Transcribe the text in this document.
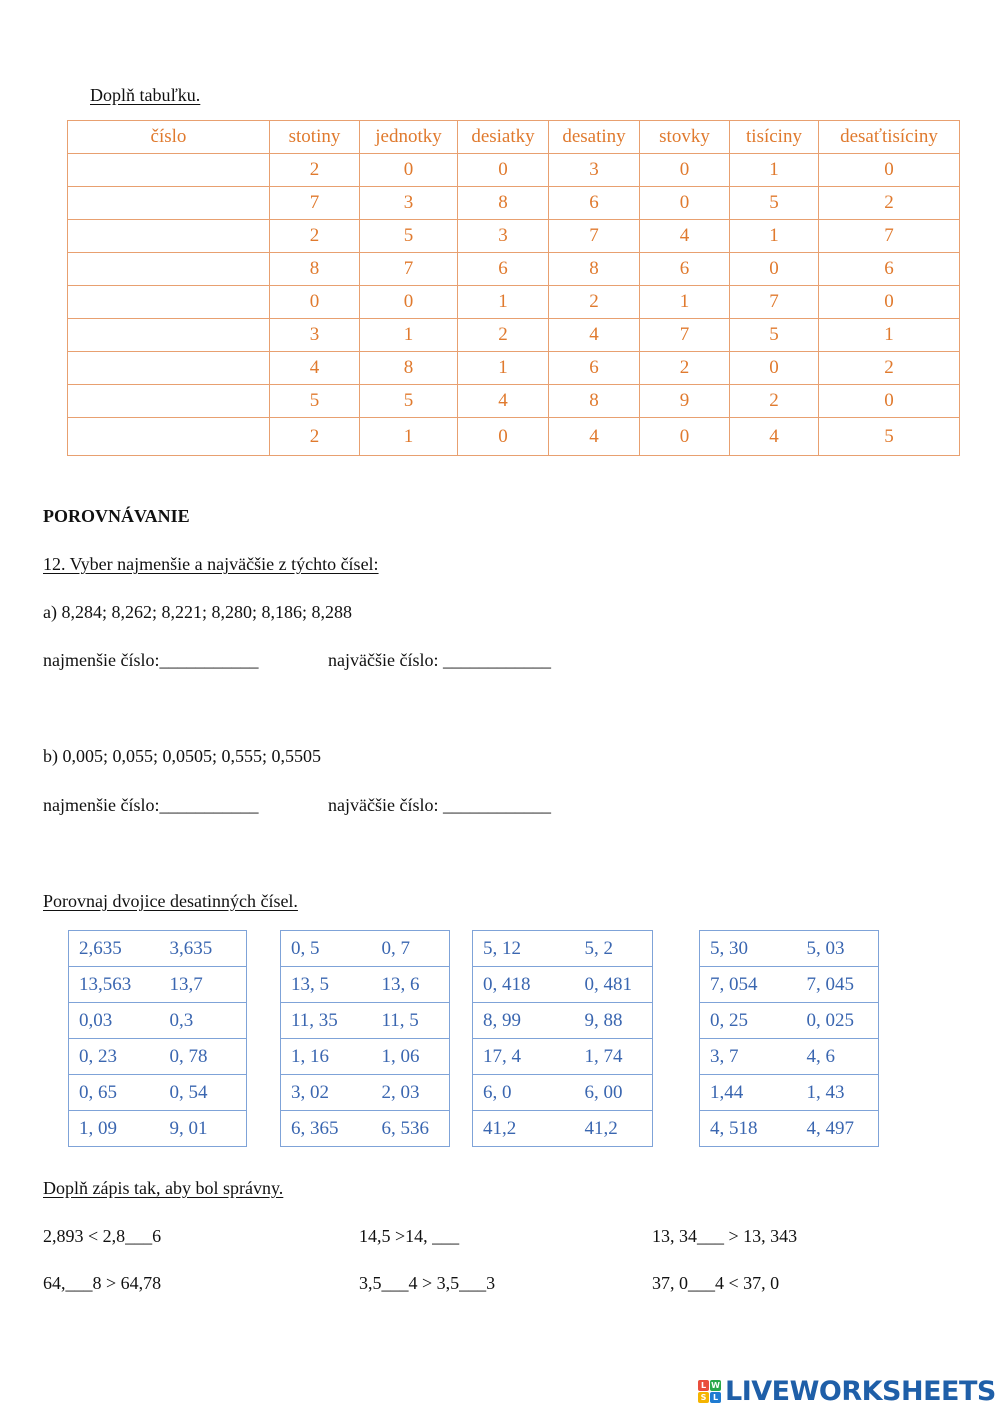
Doplň tabuľku.
číslo	stotiny	jednotky	desiatky	desatiny	stovky	tisíciny	desaťtisíciny
	2	0	0	3	0	1	0
	7	3	8	6	0	5	2
	2	5	3	7	4	1	7
	8	7	6	8	6	0	6
	0	0	1	2	1	7	0
	3	1	2	4	7	5	1
	4	8	1	6	2	0	2
	5	5	4	8	9	2	0
	2	1	0	4	0	4	5
POROVNÁVANIE
12. Vyber najmenšie a najväčšie z týchto čísel:
a) 8,284; 8,262; 8,221; 8,280; 8,186; 8,288
najmenšie číslo:___________	najväčšie číslo: ____________
b) 0,005; 0,055; 0,0505; 0,555; 0,5505
najmenšie číslo:___________	najväčšie číslo: ____________
Porovnaj dvojice desatinných čísel.
2,635	3,635
13,563	13,7
0,03	0,3
0, 23	0, 78
0, 65	0, 54
1, 09	9, 01
0, 5	0, 7
13, 5	13, 6
11, 35	11, 5
1, 16	1, 06
3, 02	2, 03
6, 365	6, 536
5, 12	5, 2
0, 418	0, 481
8, 99	9, 88
17, 4	1, 74
6, 0	6, 00
41,2	41,2
5, 30	5, 03
7, 054	7, 045
0, 25	0, 025
3, 7	4, 6
1,44	1, 43
4, 518	4, 497
Doplň zápis tak, aby bol správny.
2,893 < 2,8___6	14,5 >14, ___	13, 34___ > 13, 343
64,___8 > 64,78	3,5___4 > 3,5___3	37, 0___4 < 37, 0
L W
S L LIVEWORKSHEETS
